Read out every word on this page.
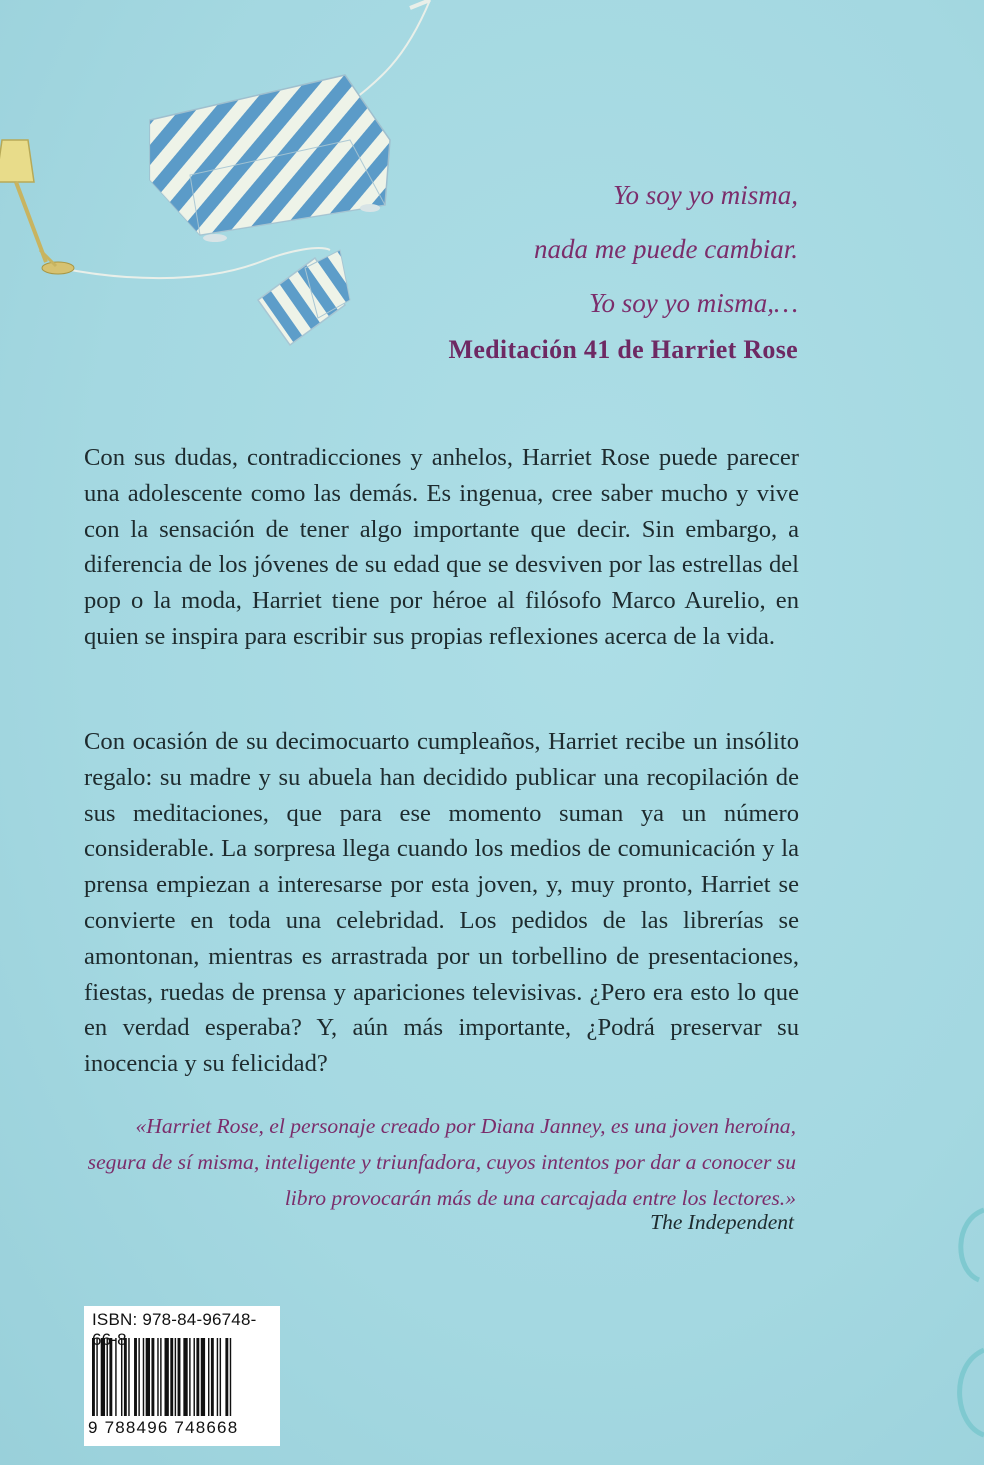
Yo soy yo misma,
nada me puede cambiar.
Yo soy yo misma,…
Meditación 41 de Harriet Rose
Con sus dudas, contradicciones y anhelos, Harriet Rose puede parecer una adolescente como las demás. Es ingenua, cree saber mucho y vive con la sensación de tener algo importante que decir. Sin embargo, a diferencia de los jóvenes de su edad que se desviven por las estrellas del pop o la moda, Harriet tiene por héroe al filósofo Marco Aurelio, en quien se inspira para escribir sus propias reflexiones acerca de la vida.
Con ocasión de su decimocuarto cumpleaños, Harriet recibe un insólito regalo: su madre y su abuela han decidido publicar una recopilación de sus meditaciones, que para ese momento suman ya un número considerable. La sorpresa llega cuando los medios de comunicación y la prensa empiezan a interesarse por esta joven, y, muy pronto, Harriet se convierte en toda una celebridad. Los pedidos de las librerías se amontonan, mientras es arrastrada por un torbellino de presentaciones, fiestas, ruedas de prensa y apariciones televisivas. ¿Pero era esto lo que en verdad esperaba? Y, aún más importante, ¿Podrá preservar su inocencia y su felicidad?
«Harriet Rose, el personaje creado por Diana Janney, es una joven heroína, segura de sí misma, inteligente y triunfadora, cuyos intentos por dar a conocer su libro provocarán más de una carcajada entre los lectores.»
The Independent
ISBN: 978-84-96748-66-8
9 788496 748668
